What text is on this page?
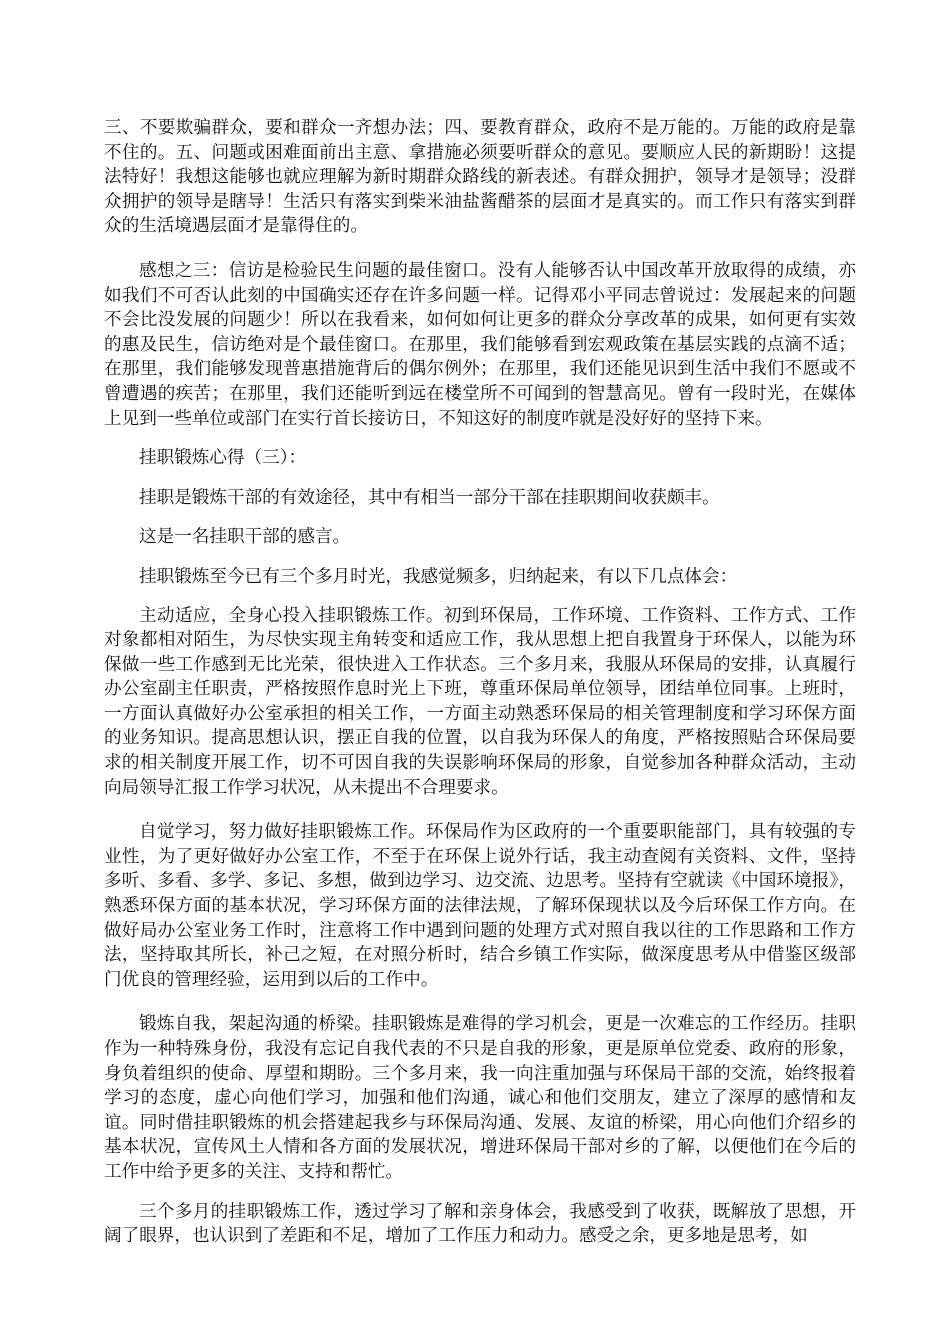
三、不要欺骗群众，要和群众一齐想办法；四、要教育群众，政府不是万能的。万能的政府是靠不住的。五、问题或困难面前出主意、拿措施必须要听群众的意见。要顺应人民的新期盼！这提法特好！我想这能够也就应理解为新时期群众路线的新表述。有群众拥护，领导才是领导；没群众拥护的领导是瞎导！生活只有落实到柴米油盐酱醋茶的层面才是真实的。而工作只有落实到群众的生活境遇层面才是靠得住的。

感想之三：信访是检验民生问题的最佳窗口。没有人能够否认中国改革开放取得的成绩，亦如我们不可否认此刻的中国确实还存在许多问题一样。记得邓小平同志曾说过：发展起来的问题不会比没发展的问题少！所以在我看来，如何如何让更多的群众分享改革的成果，如何更有实效的惠及民生，信访绝对是个最佳窗口。在那里，我们能够看到宏观政策在基层实践的点滴不适；在那里，我们能够发现普惠措施背后的偶尔例外；在那里，我们还能见识到生活中我们不愿或不曾遭遇的疾苦；在那里，我们还能听到远在楼堂所不可闻到的智慧高见。曾有一段时光，在媒体上见到一些单位或部门在实行首长接访日，不知这好的制度咋就是没好好的坚持下来。

挂职锻炼心得（三）：

挂职是锻炼干部的有效途径，其中有相当一部分干部在挂职期间收获颇丰。

这是一名挂职干部的感言。

挂职锻炼至今已有三个多月时光，我感觉频多，归纳起来，有以下几点体会：

主动适应，全身心投入挂职锻炼工作。初到环保局，工作环境、工作资料、工作方式、工作对象都相对陌生，为尽快实现主角转变和适应工作，我从思想上把自我置身于环保人，以能为环保做一些工作感到无比光荣，很快进入工作状态。三个多月来，我服从环保局的安排，认真履行办公室副主任职责，严格按照作息时光上下班，尊重环保局单位领导，团结单位同事。上班时，一方面认真做好办公室承担的相关工作，一方面主动熟悉环保局的相关管理制度和学习环保方面的业务知识。提高思想认识，摆正自我的位置，以自我为环保人的角度，严格按照贴合环保局要求的相关制度开展工作，切不可因自我的失误影响环保局的形象，自觉参加各种群众活动，主动向局领导汇报工作学习状况，从未提出不合理要求。

自觉学习，努力做好挂职锻炼工作。环保局作为区政府的一个重要职能部门，具有较强的专业性，为了更好做好办公室工作，不至于在环保上说外行话，我主动查阅有关资料、文件，坚持多听、多看、多学、多记、多想，做到边学习、边交流、边思考。坚持有空就读《中国环境报》，熟悉环保方面的基本状况，学习环保方面的法律法规，了解环保现状以及今后环保工作方向。在做好局办公室业务工作时，注意将工作中遇到问题的处理方式对照自我以往的工作思路和工作方法，坚持取其所长，补己之短，在对照分析时，结合乡镇工作实际，做深度思考从中借鉴区级部门优良的管理经验，运用到以后的工作中。

锻炼自我，架起沟通的桥梁。挂职锻炼是难得的学习机会，更是一次难忘的工作经历。挂职作为一种特殊身份，我没有忘记自我代表的不只是自我的形象，更是原单位党委、政府的形象，身负着组织的使命、厚望和期盼。三个多月来，我一向注重加强与环保局干部的交流，始终报着学习的态度，虚心向他们学习，加强和他们沟通，诚心和他们交朋友，建立了深厚的感情和友谊。同时借挂职锻炼的机会搭建起我乡与环保局沟通、发展、友谊的桥梁，用心向他们介绍乡的基本状况，宣传风土人情和各方面的发展状况，增进环保局干部对乡的了解，以便他们在今后的工作中给予更多的关注、支持和帮忙。

三个多月的挂职锻炼工作，透过学习了解和亲身体会，我感受到了收获，既解放了思想，开阔了眼界，也认识到了差距和不足，增加了工作压力和动力。感受之余，更多地是思考，如
